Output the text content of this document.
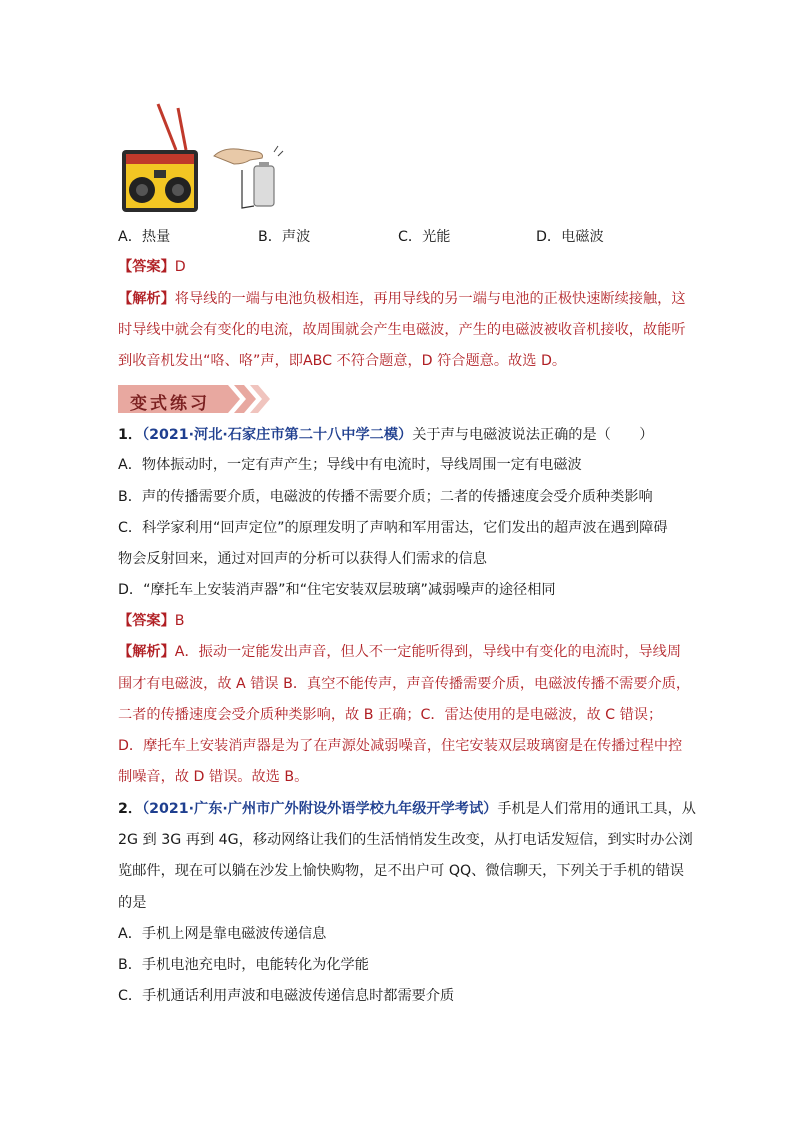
A．热量	B．声波	C．光能	D．电磁波
【答案】D
【解析】将导线的一端与电池负极相连，再用导线的另一端与电池的正极快速断续接触，这
时导线中就会有变化的电流，故周围就会产生电磁波，产生的电磁波被收音机接收，故能听
到收音机发出“咯、咯”声，即ABC 不符合题意，D 符合题意。故选 D。
变式练习
1．（2021·河北·石家庄市第二十八中学二模）关于声与电磁波说法正确的是（　　）
A．物体振动时，一定有声产生；导线中有电流时，导线周围一定有电磁波
B．声的传播需要介质，电磁波的传播不需要介质；二者的传播速度会受介质种类影响
C．科学家利用“回声定位”的原理发明了声呐和军用雷达，它们发出的超声波在遇到障碍
物会反射回来，通过对回声的分析可以获得人们需求的信息
D．“摩托车上安装消声器”和“住宅安装双层玻璃”减弱噪声的途径相同
【答案】B
【解析】A．振动一定能发出声音，但人不一定能听得到，导线中有变化的电流时，导线周
围才有电磁波，故 A 错误 B．真空不能传声，声音传播需要介质，电磁波传播不需要介质，
二者的传播速度会受介质种类影响，故 B 正确；C．雷达使用的是电磁波，故 C 错误；
D．摩托车上安装消声器是为了在声源处减弱噪音，住宅安装双层玻璃窗是在传播过程中控
制噪音，故 D 错误。故选 B。
2．（2021·广东·广州市广外附设外语学校九年级开学考试）手机是人们常用的通讯工具，从
2G 到 3G 再到 4G，移动网络让我们的生活悄悄发生改变，从打电话发短信，到实时办公浏
览邮件，现在可以躺在沙发上愉快购物，足不出户可 QQ、微信聊天，下列关于手机的错误
的是
A．手机上网是靠电磁波传递信息
B．手机电池充电时，电能转化为化学能
C．手机通话利用声波和电磁波传递信息时都需要介质
